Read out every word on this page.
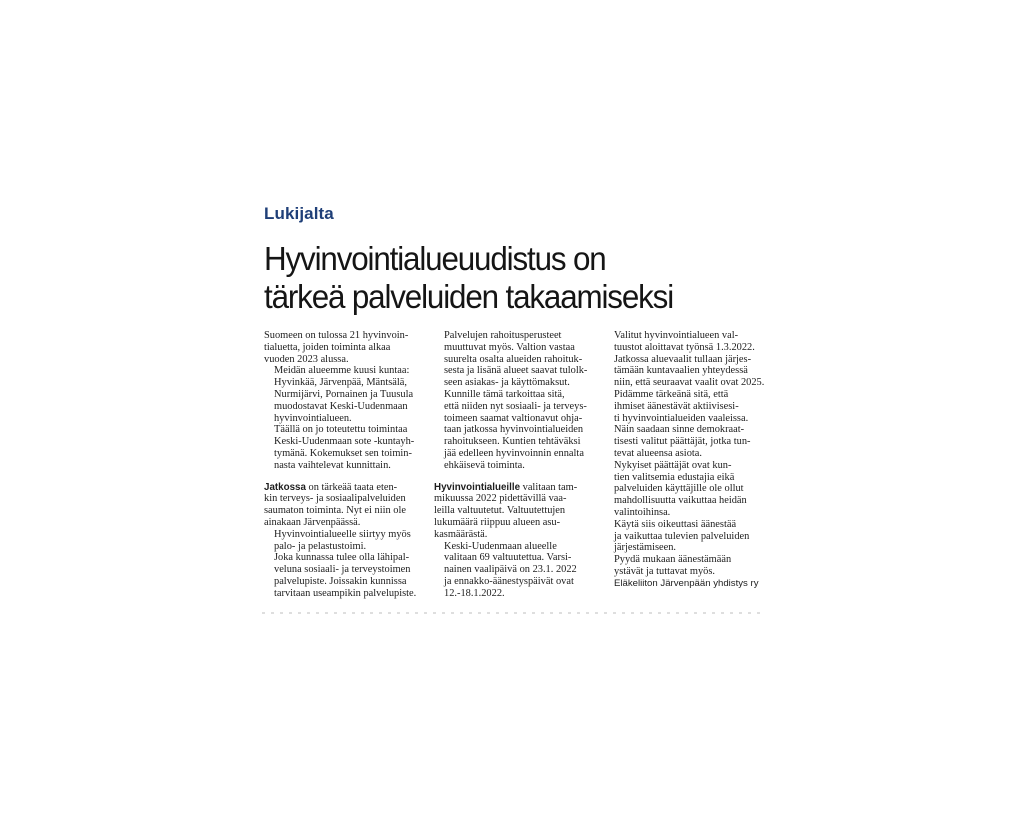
Lukijalta

Hyvinvointialueuudistus on
tärkeä palveluiden takaamiseksi

Suomeen on tulossa 21 hyvinvoin-
tialuetta, joiden toiminta alkaa
vuoden 2023 alussa.

Meidän alueemme kuusi kuntaa:
Hyvinkää, Järvenpää, Mäntsälä,
Nurmijärvi, Pornainen ja Tuusula
muodostavat Keski-Uudenmaan
hyvinvointialueen.

Täällä on jo toteutettu toimintaa
Keski-Uudenmaan sote -kuntayh-
tymänä. Kokemukset sen toimin-
nasta vaihtelevat kunnittain.

Jatkossa on tärkeää taata eten-
kin terveys- ja sosiaalipalveluiden
saumaton toiminta. Nyt ei niin ole
ainakaan Järvenpäässä.

Hyvinvointialueelle siirtyy myös
palo- ja pelastustoimi.

Joka kunnassa tulee olla lähipal-
veluna sosiaali- ja terveystoimen
palvelupiste. Joissakin kunnissa
tarvitaan useampikin palvelupiste.

Palvelujen rahoitusperusteet
muuttuvat myös. Valtion vastaa
suurelta osalta alueiden rahoituk-
sesta ja lisänä alueet saavat tulolk-
seen asiakas- ja käyttömaksut.

Kunnille tämä tarkoittaa sitä,
että niiden nyt sosiaali- ja terveys-
toimeen saamat valtionavut ohja-
taan jatkossa hyvinvointialueiden
rahoitukseen. Kuntien tehtäväksi
jää edelleen hyvinvoinnin ennalta
ehkäisevä toiminta.

Hyvinvointialueille valitaan tam-
mikuussa 2022 pidettävillä vaa-
leilla valtuutetut. Valtuutettujen
lukumäärä riippuu alueen asu-
kasmäärästä.

Keski-Uudenmaan alueelle
valitaan 69 valtuutettua. Varsi-
nainen vaalipäivä on 23.1. 2022
ja ennakko-äänestyspäivät ovat
12.-18.1.2022.

Valitut hyvinvointialueen val-
tuustot aloittavat työnsä 1.3.2022.
Jatkossa aluevaalit tullaan järjes-
tämään kuntavaalien yhteydessä
niin, että seuraavat vaalit ovat 2025.

Pidämme tärkeänä sitä, että
ihmiset äänestävät aktiivisesi-
ti hyvinvointialueiden vaaleissa.
Näin saadaan sinne demokraat-
tisesti valitut päättäjät, jotka tun-
tevat alueensa asiota.

Nykyiset päättäjät ovat kun-
tien valitsemia edustajia eikä
palveluiden käyttäjille ole ollut
mahdollisuutta vaikuttaa heidän
valintoihinsa.

Käytä siis oikeuttasi äänestää
ja vaikuttaa tulevien palveluiden
järjestämiseen.

Pyydä mukaan äänestämään
ystävät ja tuttavat myös.

Eläkeliiton Järvenpään yhdistys ry
